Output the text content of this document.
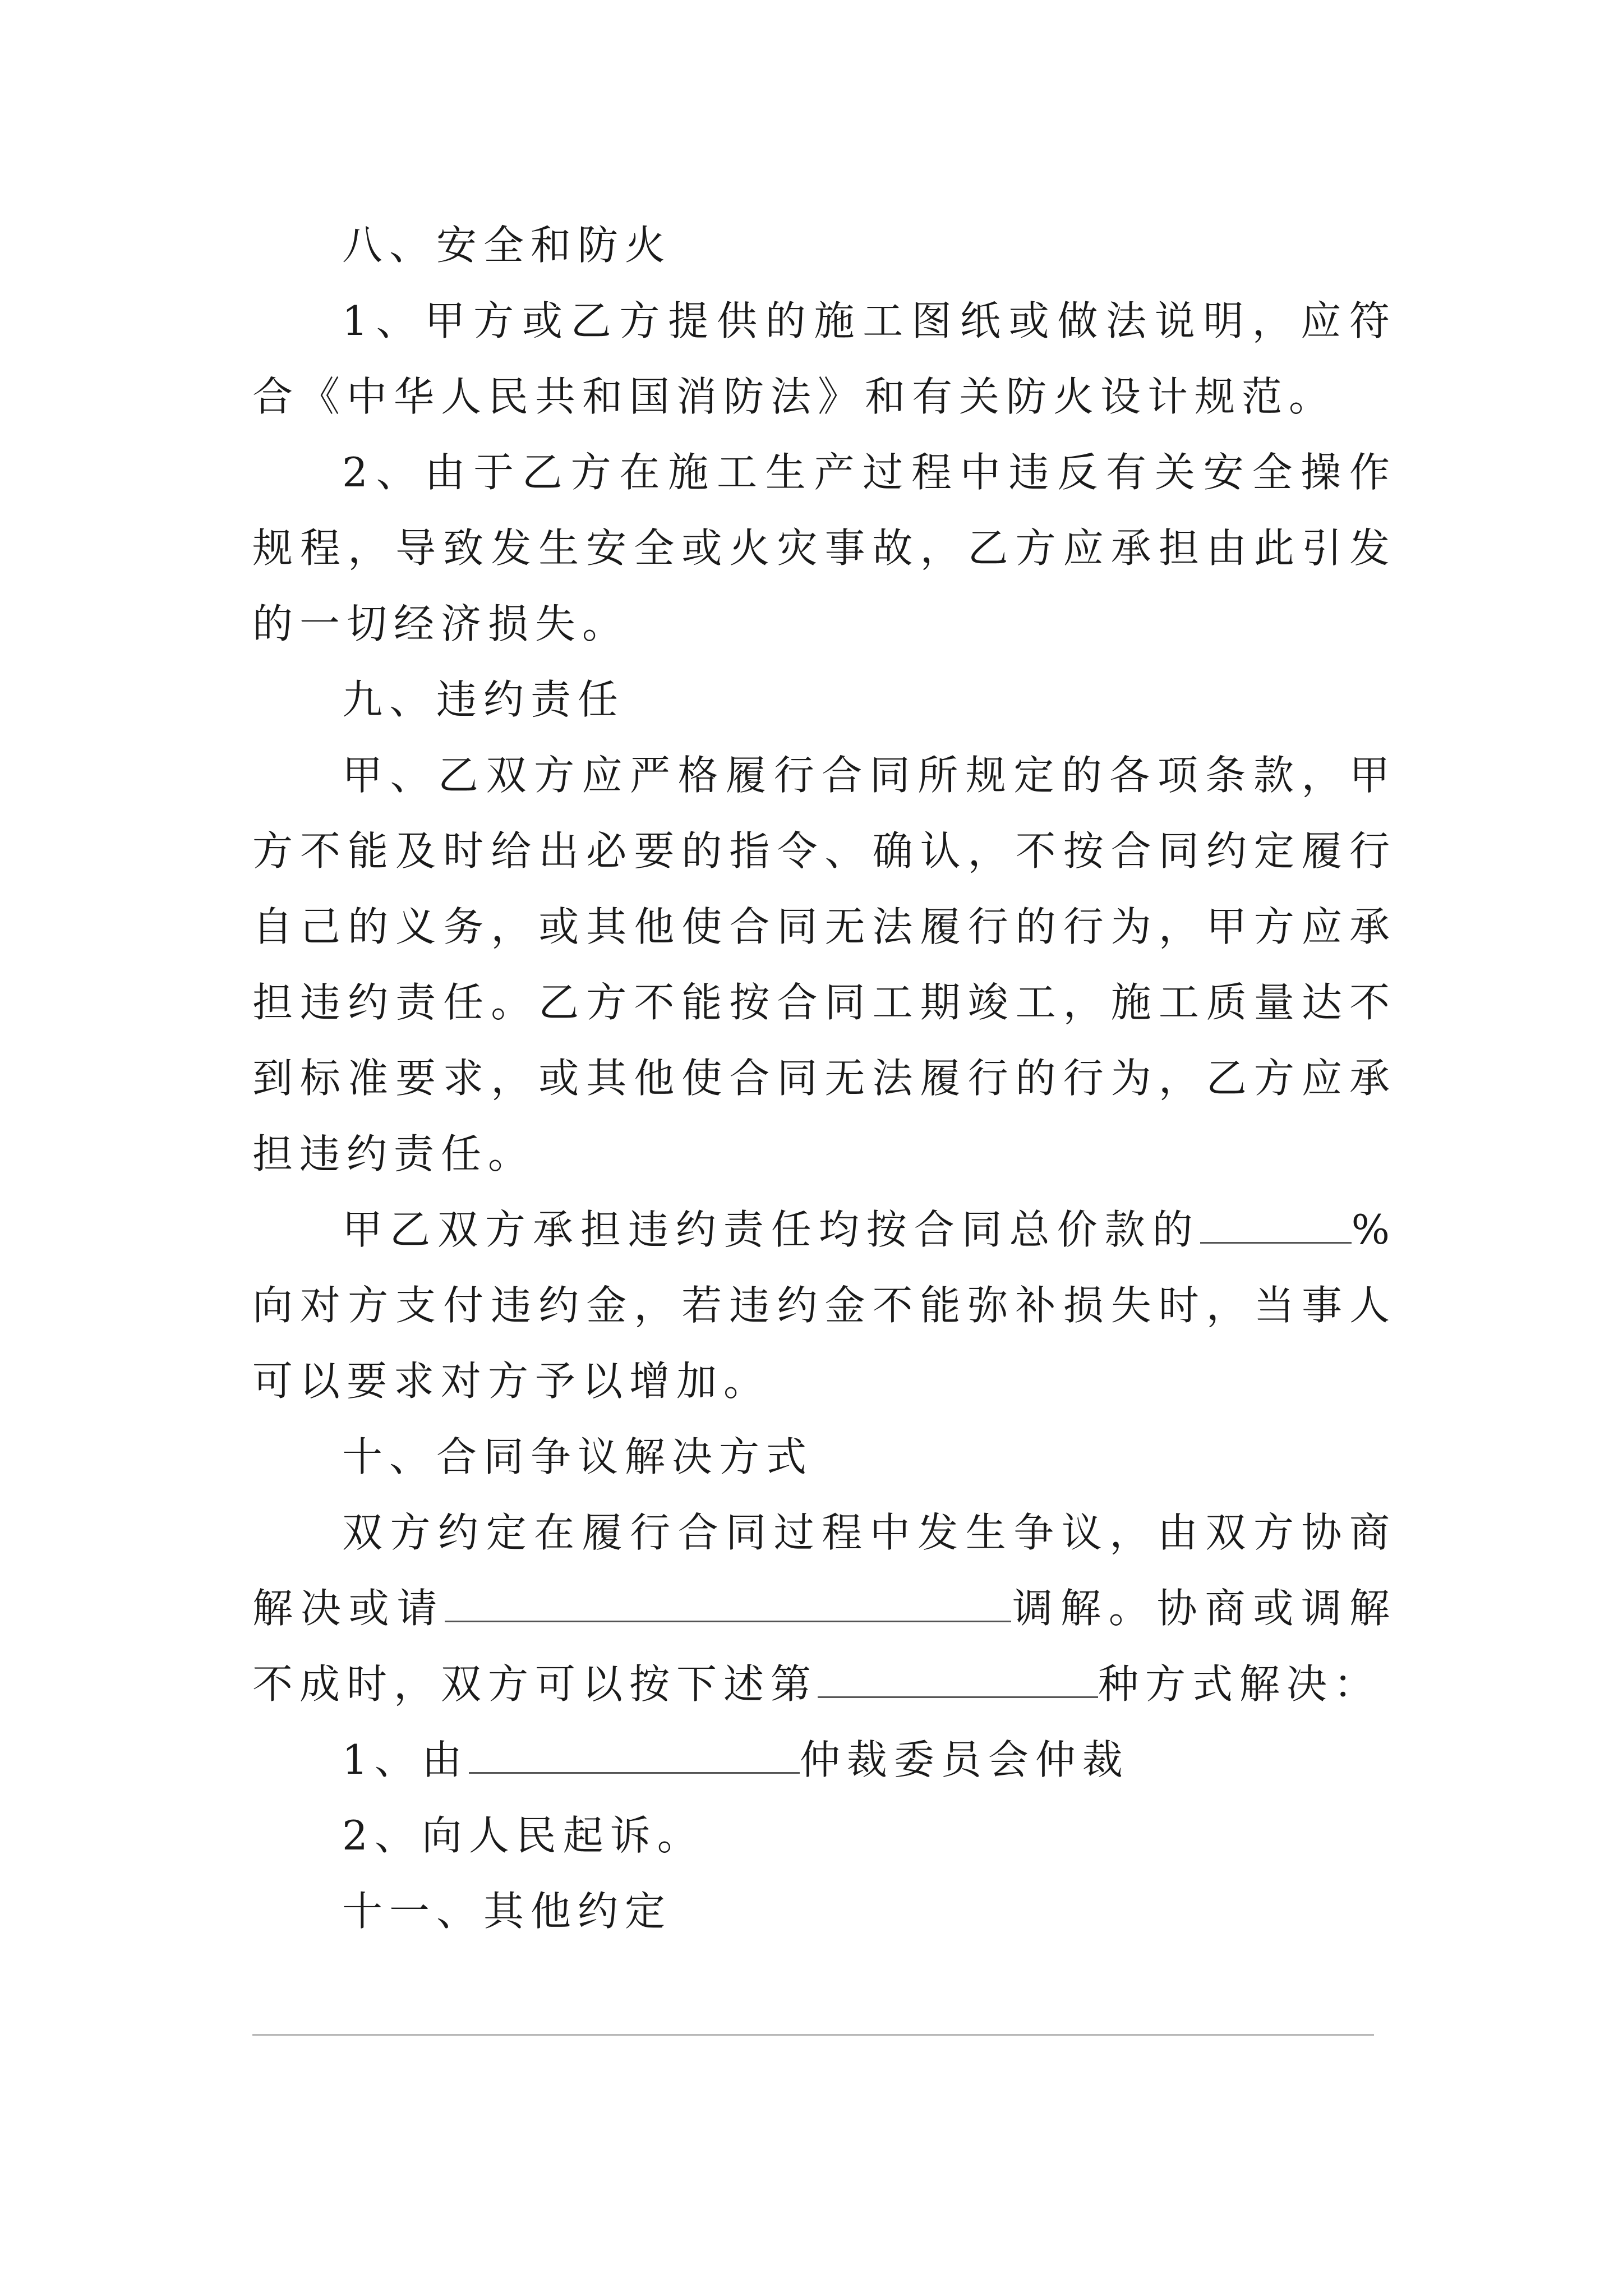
八、安全和防火

1、甲方或乙方提供的施工图纸或做法说明，应符合《中华人民共和国消防法》和有关防火设计规范。

2、由于乙方在施工生产过程中违反有关安全操作规程，导致发生安全或火灾事故，乙方应承担由此引发的一切经济损失。

九、违约责任

甲、乙双方应严格履行合同所规定的各项条款，甲方不能及时给出必要的指令、确认，不按合同约定履行自己的义务，或其他使合同无法履行的行为，甲方应承担违约责任。乙方不能按合同工期竣工，施工质量达不到标准要求，或其他使合同无法履行的行为，乙方应承担违约责任。

甲乙双方承担违约责任均按合同总价款的	%向对方支付违约金，若违约金不能弥补损失时，当事人可以要求对方予以增加。

十、合同争议解决方式

双方约定在履行合同过程中发生争议，由双方协商解决或请	调解。协商或调解不成时，双方可以按下述第	种方式解决：

1、由	仲裁委员会仲裁

2、向人民起诉。

十一、其他约定
